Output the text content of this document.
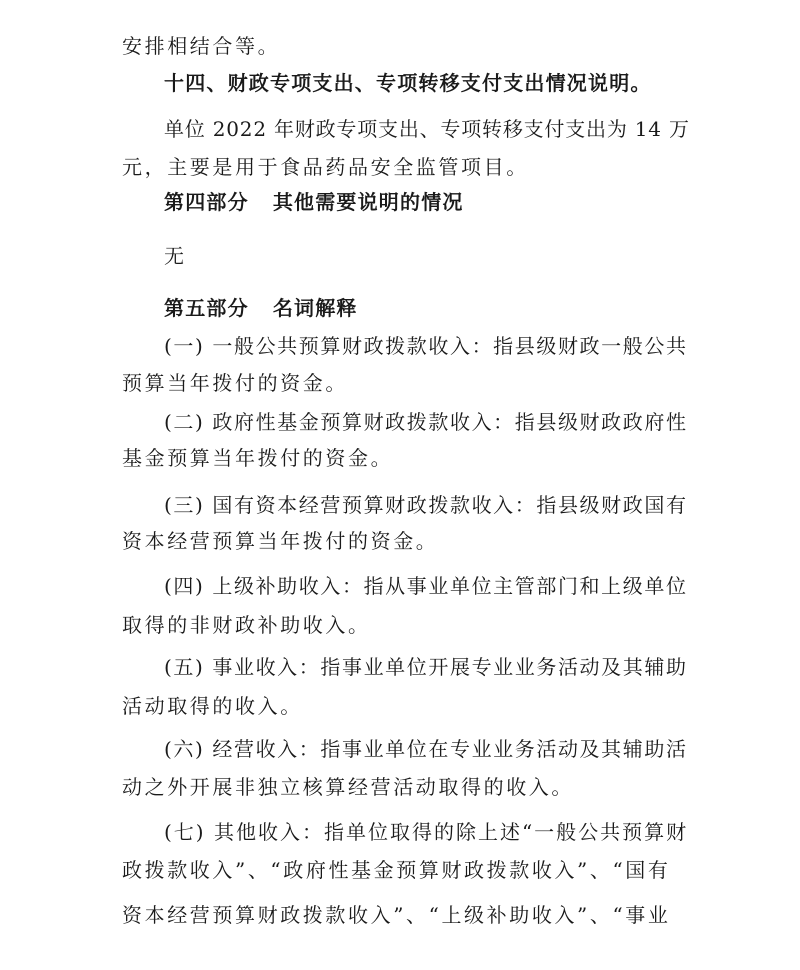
安排相结合等。
十四、财政专项支出、专项转移支付支出情况说明。
单位 2022 年财政专项支出、专项转移支付支出为 14 万
元，主要是用于食品药品安全监管项目。
第四部分 其他需要说明的情况
无
第五部分 名词解释
(一) 一般公共预算财政拨款收入：指县级财政一般公共
预算当年拨付的资金。
(二) 政府性基金预算财政拨款收入：指县级财政政府性
基金预算当年拨付的资金。
(三) 国有资本经营预算财政拨款收入：指县级财政国有
资本经营预算当年拨付的资金。
(四) 上级补助收入：指从事业单位主管部门和上级单位
取得的非财政补助收入。
(五) 事业收入：指事业单位开展专业业务活动及其辅助
活动取得的收入。
(六) 经营收入：指事业单位在专业业务活动及其辅助活
动之外开展非独立核算经营活动取得的收入。
(七) 其他收入：指单位取得的除上述“一般公共预算财
政拨款收入”、“政府性基金预算财政拨款收入”、“国有
资本经营预算财政拨款收入”、“上级补助收入”、“事业
